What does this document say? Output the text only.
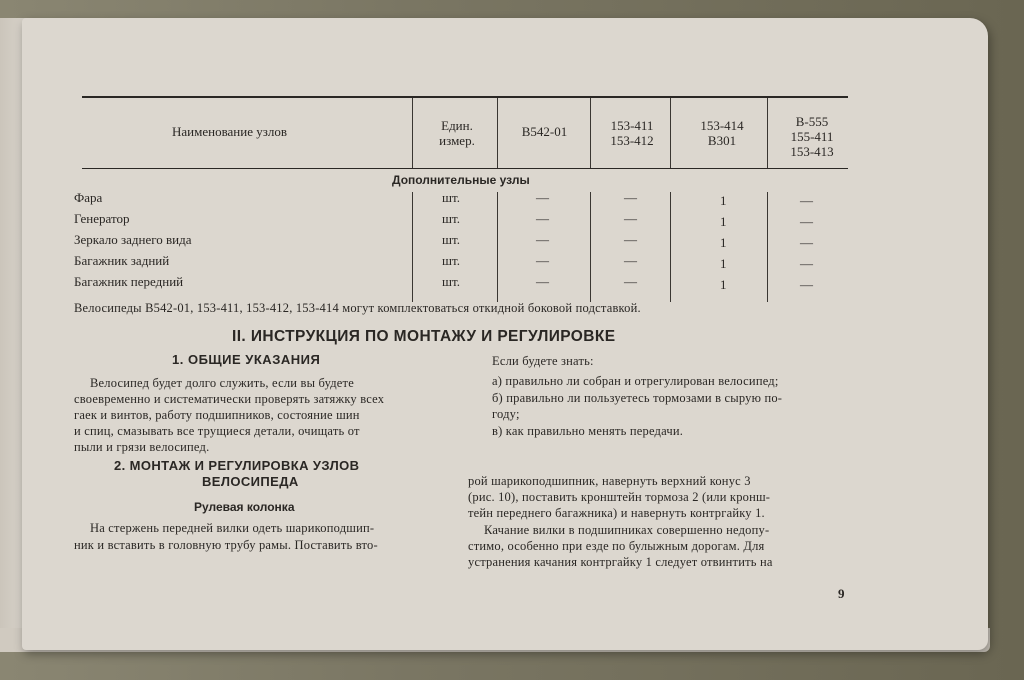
Наименование узлов	Един.
измер.
В542-01	153-411
153-412
153-414
В301
В-555
155-411
153-413
Дополнительные узлы
Фара
Генератор
Зеркало заднего вида
Багажник задний
Багажник передний
шт.
шт.
шт.
шт.
шт.
—
—
—
—
—
—
—
—
—
—
1
1
1
1
1
—
—
—
—
—
Велосипеды В542-01, 153-411, 153-412, 153-414 могут комплектоваться откидной боковой подставкой.
II. ИНСТРУКЦИЯ ПО МОНТАЖУ И РЕГУЛИРОВКЕ
1. ОБЩИЕ УКАЗАНИЯ
Велосипед будет долго служить, если вы будете
своевременно и систематически проверять затяжку всех
гаек и винтов, работу подшипников, состояние шин
и спиц, смазывать все трущиеся детали, очищать от
пыли и грязи велосипед.
2. МОНТАЖ И РЕГУЛИРОВКА УЗЛОВ
ВЕЛОСИПЕДА
Рулевая колонка
На стержень передней вилки одеть шарикоподшип-
ник и вставить в головную трубу рамы. Поставить вто-
Если будете знать:
а) правильно ли собран и отрегулирован велосипед;
б) правильно ли пользуетесь тормозами в сырую по-
году;
в) как правильно менять передачи.
рой шарикоподшипник, навернуть верхний конус 3
(рис. 10), поставить кронштейн тормоза 2 (или кронш-
тейн переднего багажника) и навернуть контргайку 1.
Качание вилки в подшипниках совершенно недопу-
стимо, особенно при езде по булыжным дорогам. Для
устранения качания контргайку 1 следует отвинтить на
9
